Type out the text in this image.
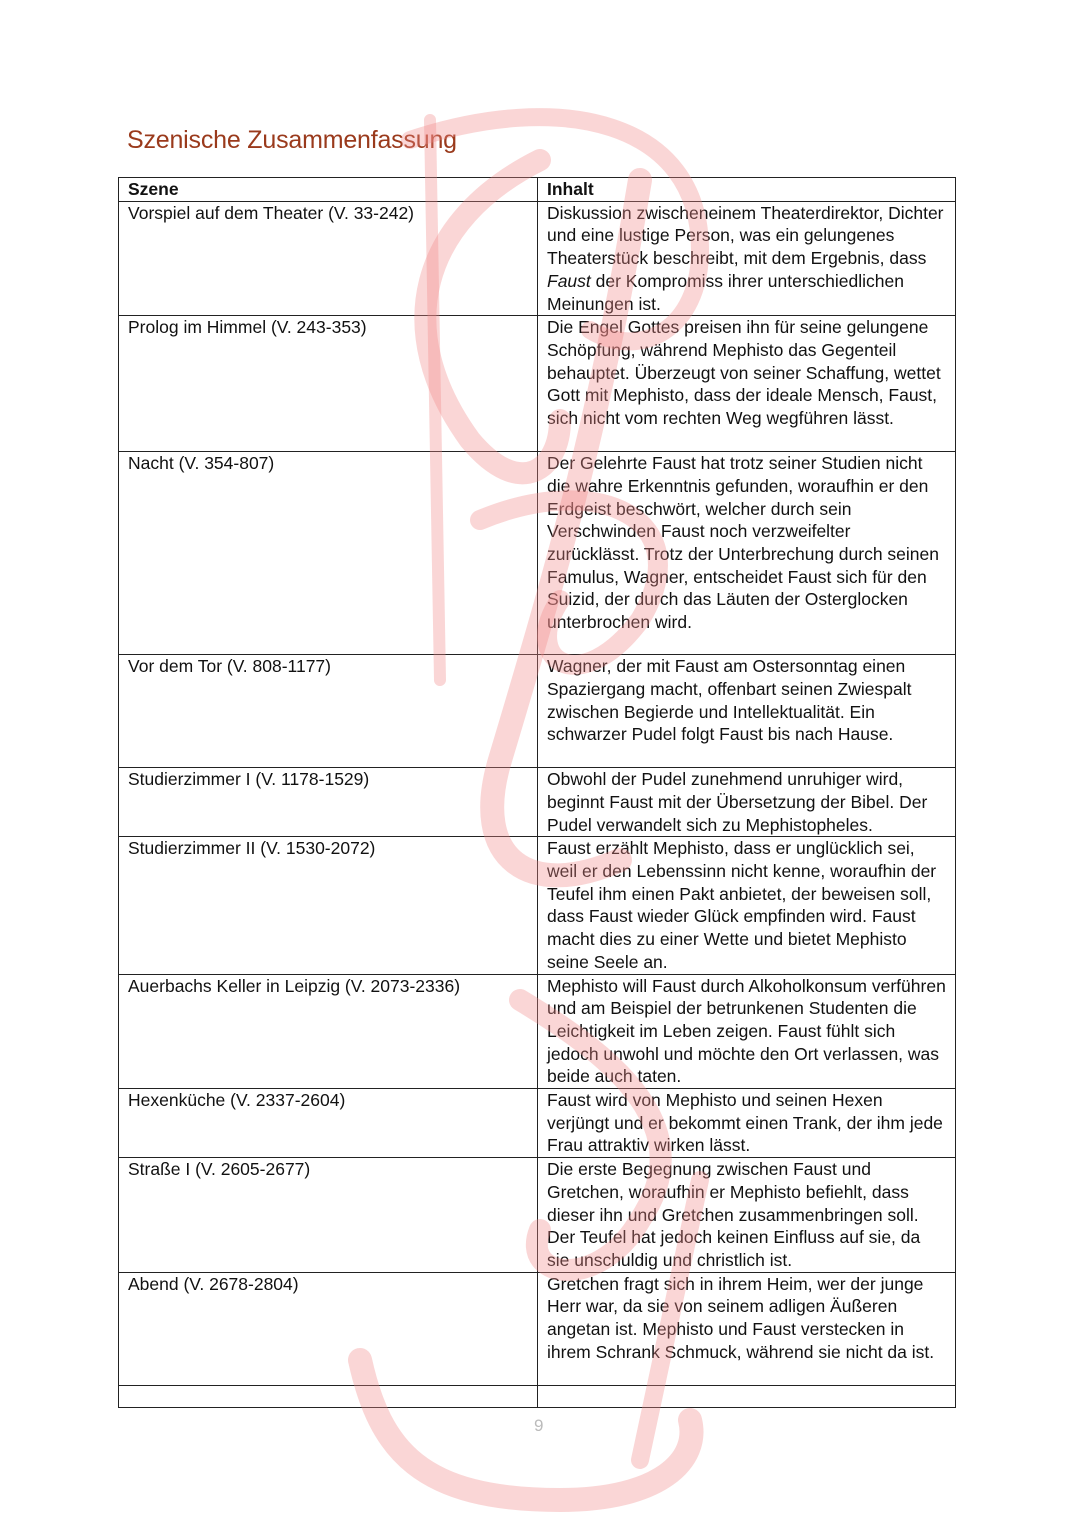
Szenische Zusammenfassung
Szene	Inhalt
Vorspiel auf dem Theater (V. 33-242)	Diskussion zwischeneinem Theaterdirektor, Dichter und eine lustige Person, was ein gelungenes Theaterstück beschreibt, mit dem Ergebnis, dass Faust der Kompromiss ihrer unterschiedlichen Meinungen ist.
Prolog im Himmel (V. 243-353)	Die Engel Gottes preisen ihn für seine gelungene Schöpfung, während Mephisto das Gegenteil behauptet. Überzeugt von seiner Schaffung, wettet Gott mit Mephisto, dass der ideale Mensch, Faust, sich nicht vom rechten Weg wegführen lässt.
Nacht (V. 354-807)	Der Gelehrte Faust hat trotz seiner Studien nicht die wahre Erkenntnis gefunden, woraufhin er den Erdgeist beschwört, welcher durch sein Verschwinden Faust noch verzweifelter zurücklässt. Trotz der Unterbrechung durch seinen Famulus, Wagner, entscheidet Faust sich für den Suizid, der durch das Läuten der Osterglocken unterbrochen wird.
Vor dem Tor (V. 808-1177)	Wagner, der mit Faust am Ostersonntag einen Spaziergang macht, offenbart seinen Zwiespalt zwischen Begierde und Intellektualität. Ein schwarzer Pudel folgt Faust bis nach Hause.
Studierzimmer I (V. 1178-1529)	Obwohl der Pudel zunehmend unruhiger wird, beginnt Faust mit der Übersetzung der Bibel. Der Pudel verwandelt sich zu Mephistopheles.
Studierzimmer II (V. 1530-2072)	Faust erzählt Mephisto, dass er unglücklich sei, weil er den Lebenssinn nicht kenne, woraufhin der Teufel ihm einen Pakt anbietet, der beweisen soll, dass Faust wieder Glück empfinden wird. Faust macht dies zu einer Wette und bietet Mephisto seine Seele an.
Auerbachs Keller in Leipzig (V. 2073-2336)	Mephisto will Faust durch Alkoholkonsum verführen und am Beispiel der betrunkenen Studenten die Leichtigkeit im Leben zeigen. Faust fühlt sich jedoch unwohl und möchte den Ort verlassen, was beide auch taten.
Hexenküche (V. 2337-2604)	Faust wird von Mephisto und seinen Hexen verjüngt und er bekommt einen Trank, der ihm jede Frau attraktiv wirken lässt.
Straße I (V. 2605-2677)	Die erste Begegnung zwischen Faust und Gretchen, woraufhin er Mephisto befiehlt, dass dieser ihn und Gretchen zusammenbringen soll. Der Teufel hat jedoch keinen Einfluss auf sie, da sie unschuldig und christlich ist.
Abend (V. 2678-2804)	Gretchen fragt sich in ihrem Heim, wer der junge Herr war, da sie von seinem adligen Äußeren angetan ist. Mephisto und Faust verstecken in ihrem Schrank Schmuck, während sie nicht da ist.

9
